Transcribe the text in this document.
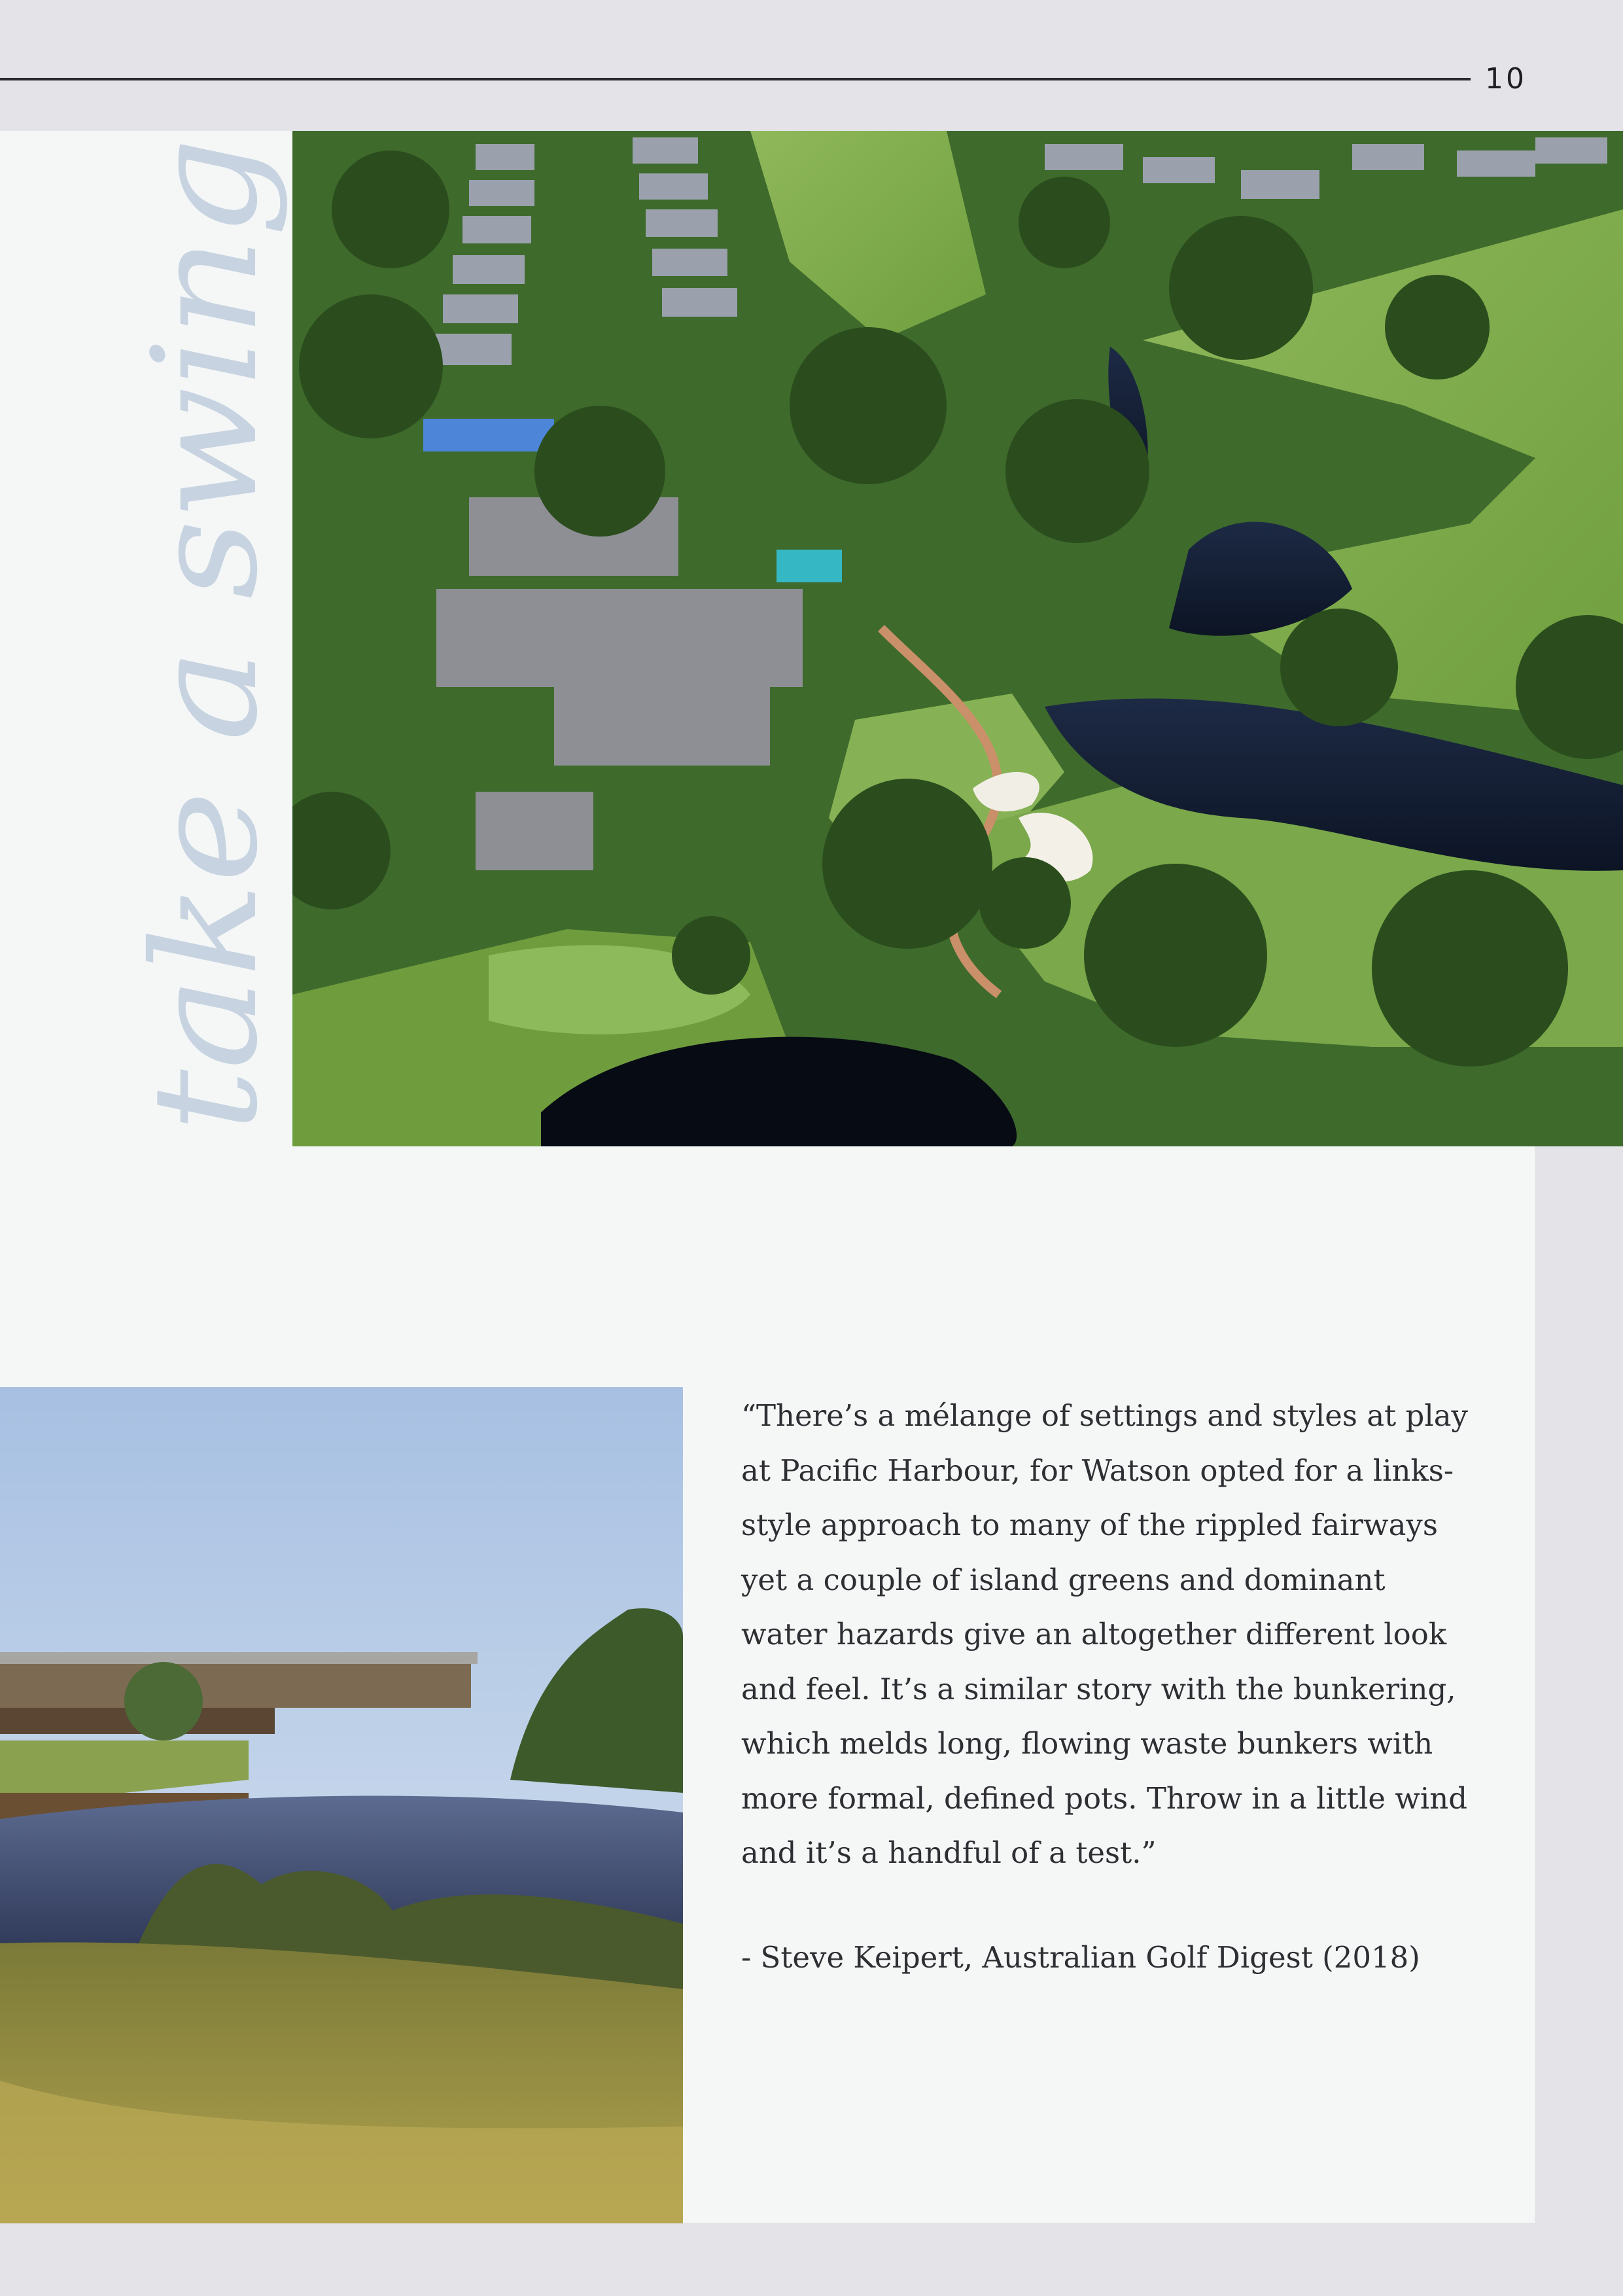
10
take a swing

“There’s a mélange of settings and styles at play
at Pacific Harbour, for Watson opted for a links-
style approach to many of the rippled fairways
yet a couple of island greens and dominant
water hazards give an altogether different look
and feel. It’s a similar story with the bunkering,
which melds long, flowing waste bunkers with
more formal, defined pots. Throw in a little wind
and it’s a handful of a test.”

- Steve Keipert, Australian Golf Digest (2018)
